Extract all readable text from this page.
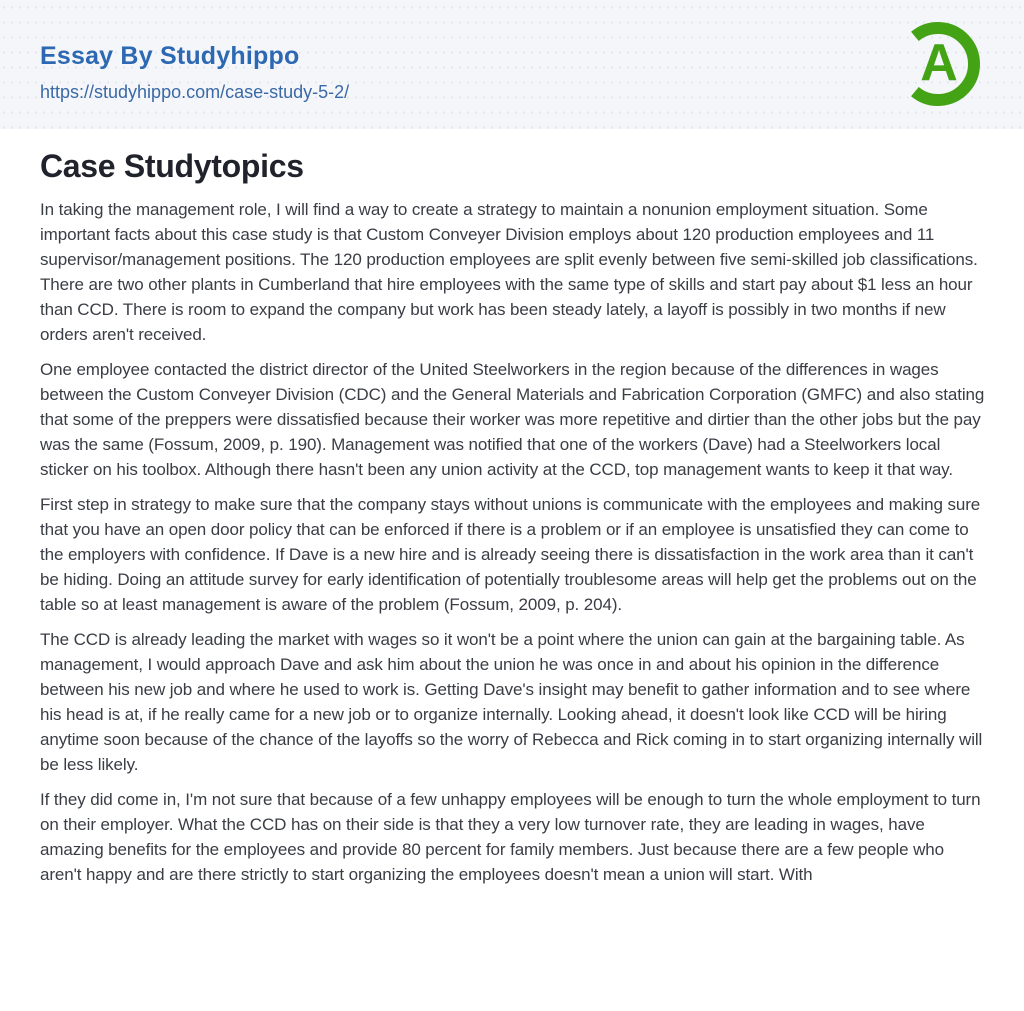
Essay By Studyhippo
https://studyhippo.com/case-study-5-2/	A
Case Studytopics

In taking the management role, I will find a way to create a strategy to maintain a nonunion employment situation. Some important facts about this case study is that Custom Conveyer Division employs about 120 production employees and 11 supervisor/management positions. The 120 production employees are split evenly between five semi-skilled job classifications. There are two other plants in Cumberland that hire employees with the same type of skills and start pay about $1 less an hour than CCD. There is room to expand the company but work has been steady lately, a layoff is possibly in two months if new orders aren't received.

One employee contacted the district director of the United Steelworkers in the region because of the differences in wages between the Custom Conveyer Division (CDC) and the General Materials and Fabrication Corporation (GMFC) and also stating that some of the preppers were dissatisfied because their worker was more repetitive and dirtier than the other jobs but the pay was the same (Fossum, 2009, p. 190). Management was notified that one of the workers (Dave) had a Steelworkers local sticker on his toolbox. Although there hasn't been any union activity at the CCD, top management wants to keep it that way.

First step in strategy to make sure that the company stays without unions is communicate with the employees and making sure that you have an open door policy that can be enforced if there is a problem or if an employee is unsatisfied they can come to the employers with confidence. If Dave is a new hire and is already seeing there is dissatisfaction in the work area than it can't be hiding. Doing an attitude survey for early identification of potentially troublesome areas will help get the problems out on the table so at least management is aware of the problem (Fossum, 2009, p. 204).

The CCD is already leading the market with wages so it won't be a point where the union can gain at the bargaining table. As management, I would approach Dave and ask him about the union he was once in and about his opinion in the difference between his new job and where he used to work is. Getting Dave's insight may benefit to gather information and to see where his head is at, if he really came for a new job or to organize internally. Looking ahead, it doesn't look like CCD will be hiring anytime soon because of the chance of the layoffs so the worry of Rebecca and Rick coming in to start organizing internally will be less likely.

If they did come in, I'm not sure that because of a few unhappy employees will be enough to turn the whole employment to turn on their employer. What the CCD has on their side is that they a very low turnover rate, they are leading in wages, have amazing benefits for the employees and provide 80 percent for family members. Just because there are a few people who aren't happy and are there strictly to start organizing the employees doesn't mean a union will start. With
